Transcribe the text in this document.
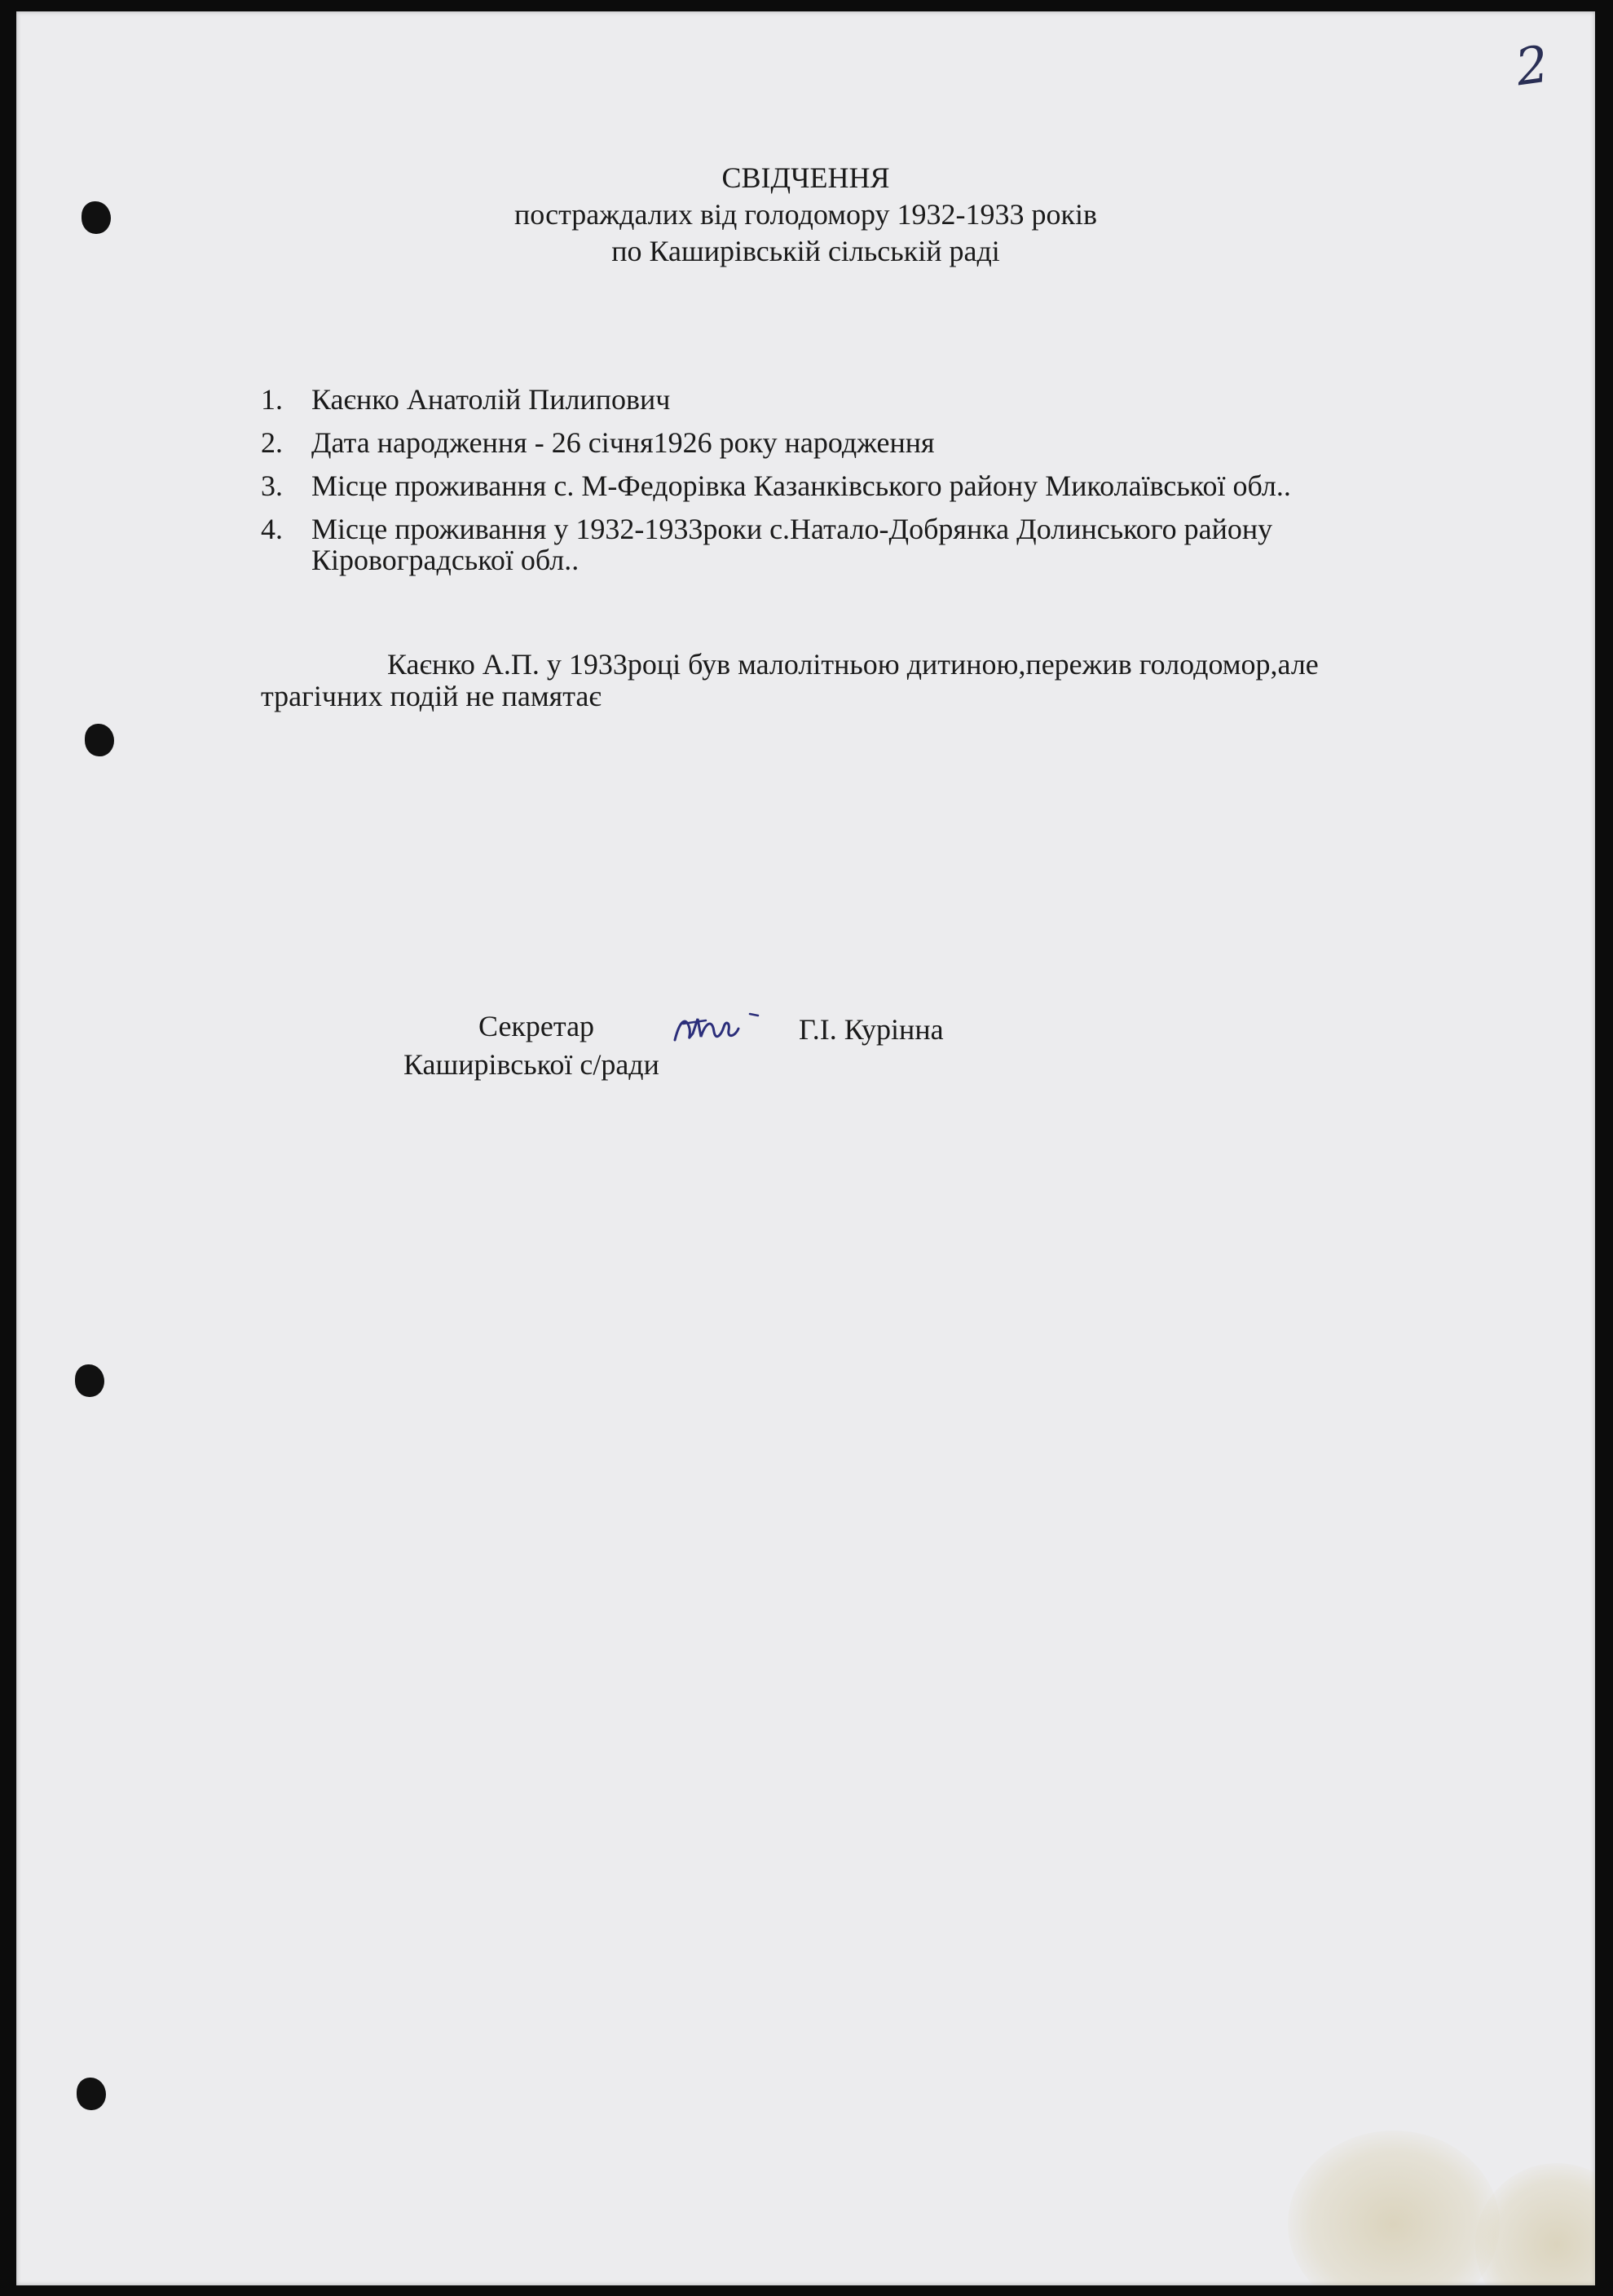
2
СВІДЧЕННЯ
постраждалих від голодомору 1932-1933 років
по Каширівській сільській раді
1. Каєнко Анатолій Пилипович
2. Дата народження - 26 січня1926 року народження
3. Місце проживання с. М-Федорівка Казанківського району Миколаївської обл..
4. Місце проживання у 1932-1933роки с.Натало-Добрянка Долинського району
Кіровоградської обл..
Каєнко А.П. у 1933році був малолітньою дитиною,пережив голодомор,але
трагічних подій не памятає
Секретар
Каширівської с/ради
Г.І. Курінна
